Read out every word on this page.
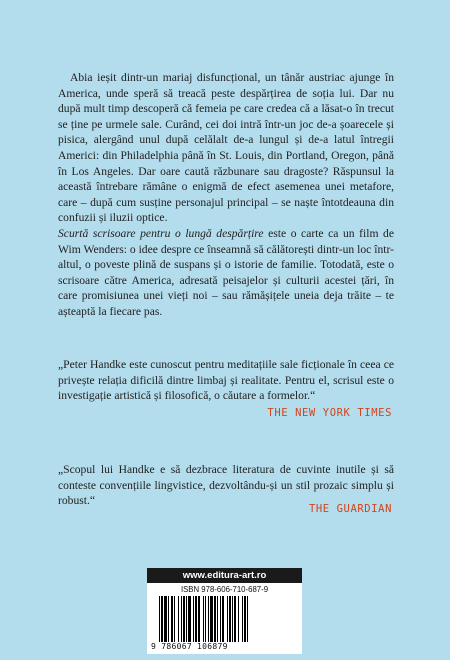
Abia ieșit dintr-un mariaj disfuncțional, un tânăr austriac ajunge în America, unde speră să treacă peste despărțirea de soția lui. Dar nu după mult timp descoperă că femeia pe care credea că a lăsat-o în trecut se ține pe urmele sale. Curând, cei doi intră într-un joc de-a șoarecele și pisica, alergând unul după celălalt de-a lungul și de-a latul întregii Americi: din Philadelphia până în St. Louis, din Portland, Oregon, până în Los Angeles. Dar oare caută răzbunare sau dragoste? Răspunsul la această întrebare rămâne o enigmă de efect asemenea unei metafore, care – după cum susține personajul principal – se naște întotdeauna din confuzii și iluzii optice.

Scurtă scrisoare pentru o lungă despărțire este o carte ca un film de Wim Wenders: o idee despre ce înseamnă să călătorești dintr-un loc într-altul, o poveste plină de suspans și o istorie de familie. Totodată, este o scrisoare către America, adresată peisajelor și culturii acestei țări, în care promisiunea unei vieți noi – sau rămășițele uneia deja trăite – te așteaptă la fiecare pas.

„Peter Handke este cunoscut pentru meditațiile sale ficționale în ceea ce privește relația dificilă dintre limbaj și realitate. Pentru el, scrisul este o investigație artistică și filosofică, o căutare a formelor.“

THE NEW YORK TIMES

„Scopul lui Handke e să dezbrace literatura de cuvinte inutile și să conteste convențiile lingvistice, dezvoltându-și un stil prozaic simplu și robust.“

THE GUARDIAN
www.editura-art.ro
ISBN 978-606-710-687-9
9 786067 106879
